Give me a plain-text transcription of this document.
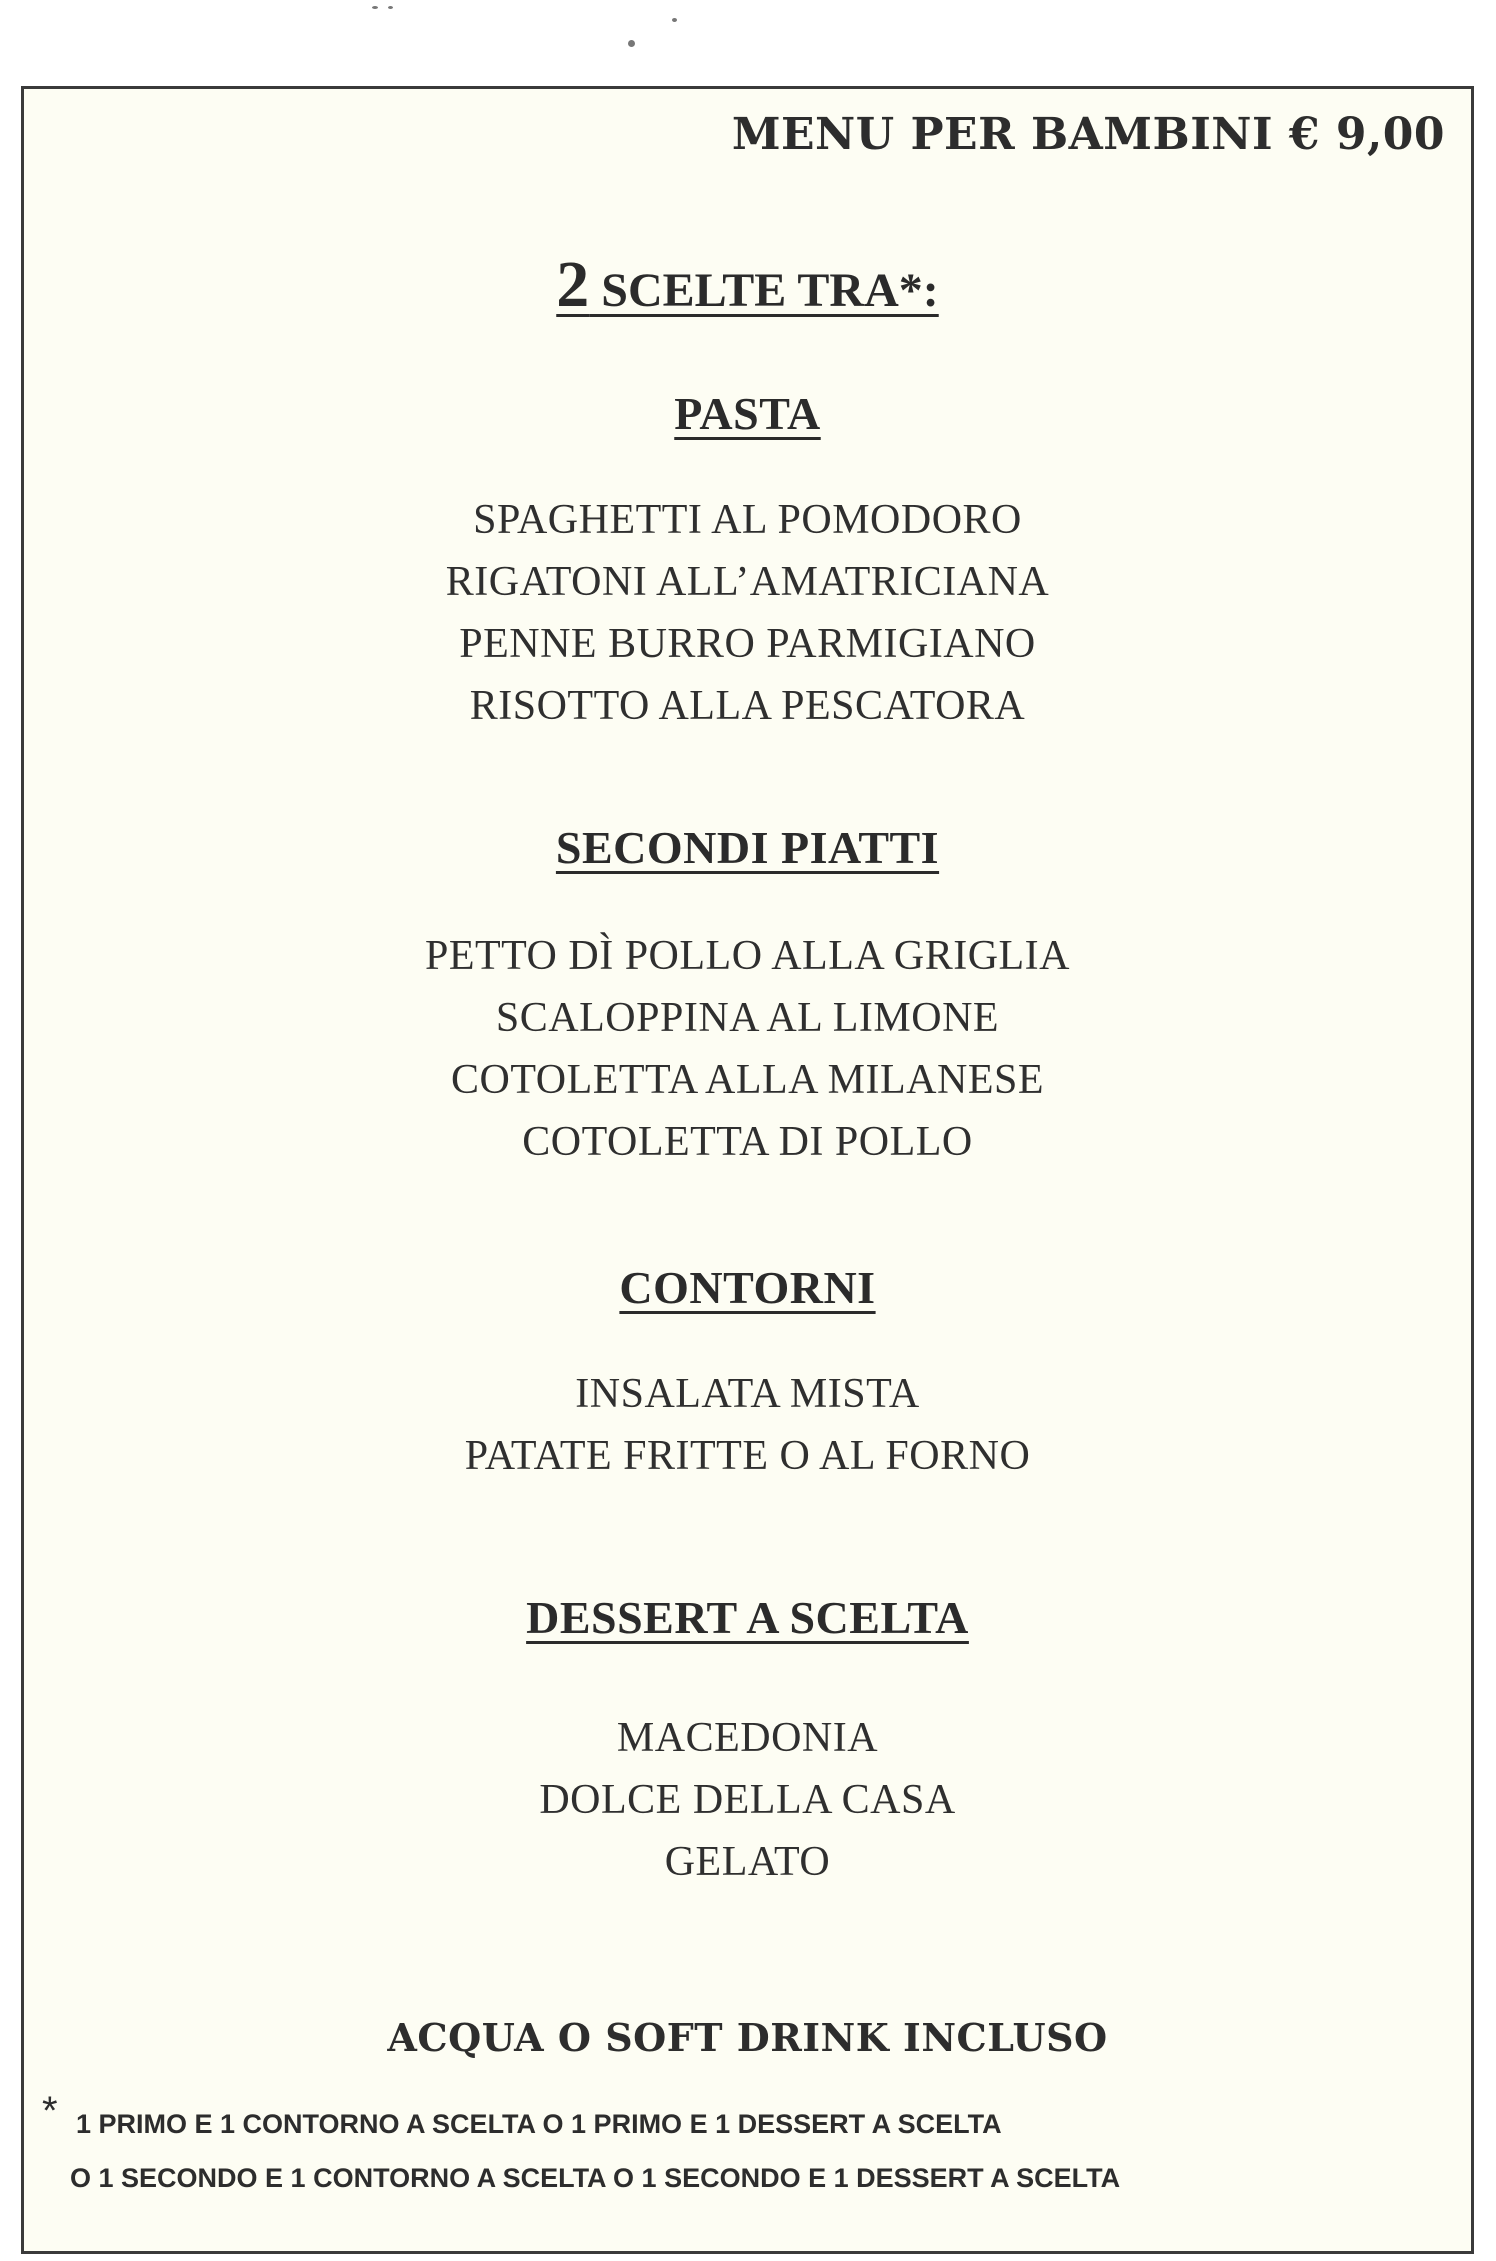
MENU PER BAMBINI € 9,00

2 SCELTE TRA*:

PASTA
SPAGHETTI AL POMODORO
RIGATONI ALL’AMATRICIANA
PENNE BURRO PARMIGIANO
RISOTTO ALLA PESCATORA
SECONDI PIATTI
PETTO DÌ POLLO ALLA GRIGLIA
SCALOPPINA AL LIMONE
COTOLETTA ALLA MILANESE
COTOLETTA DI POLLO
CONTORNI
INSALATA MISTA
PATATE FRITTE O AL FORNO
DESSERT A SCELTA
MACEDONIA
DOLCE DELLA CASA
GELATO

ACQUA O SOFT DRINK INCLUSO

* 1 PRIMO E 1 CONTORNO A SCELTA O 1 PRIMO E 1 DESSERT A SCELTA

O 1 SECONDO E 1 CONTORNO A SCELTA O 1 SECONDO E 1 DESSERT A SCELTA
